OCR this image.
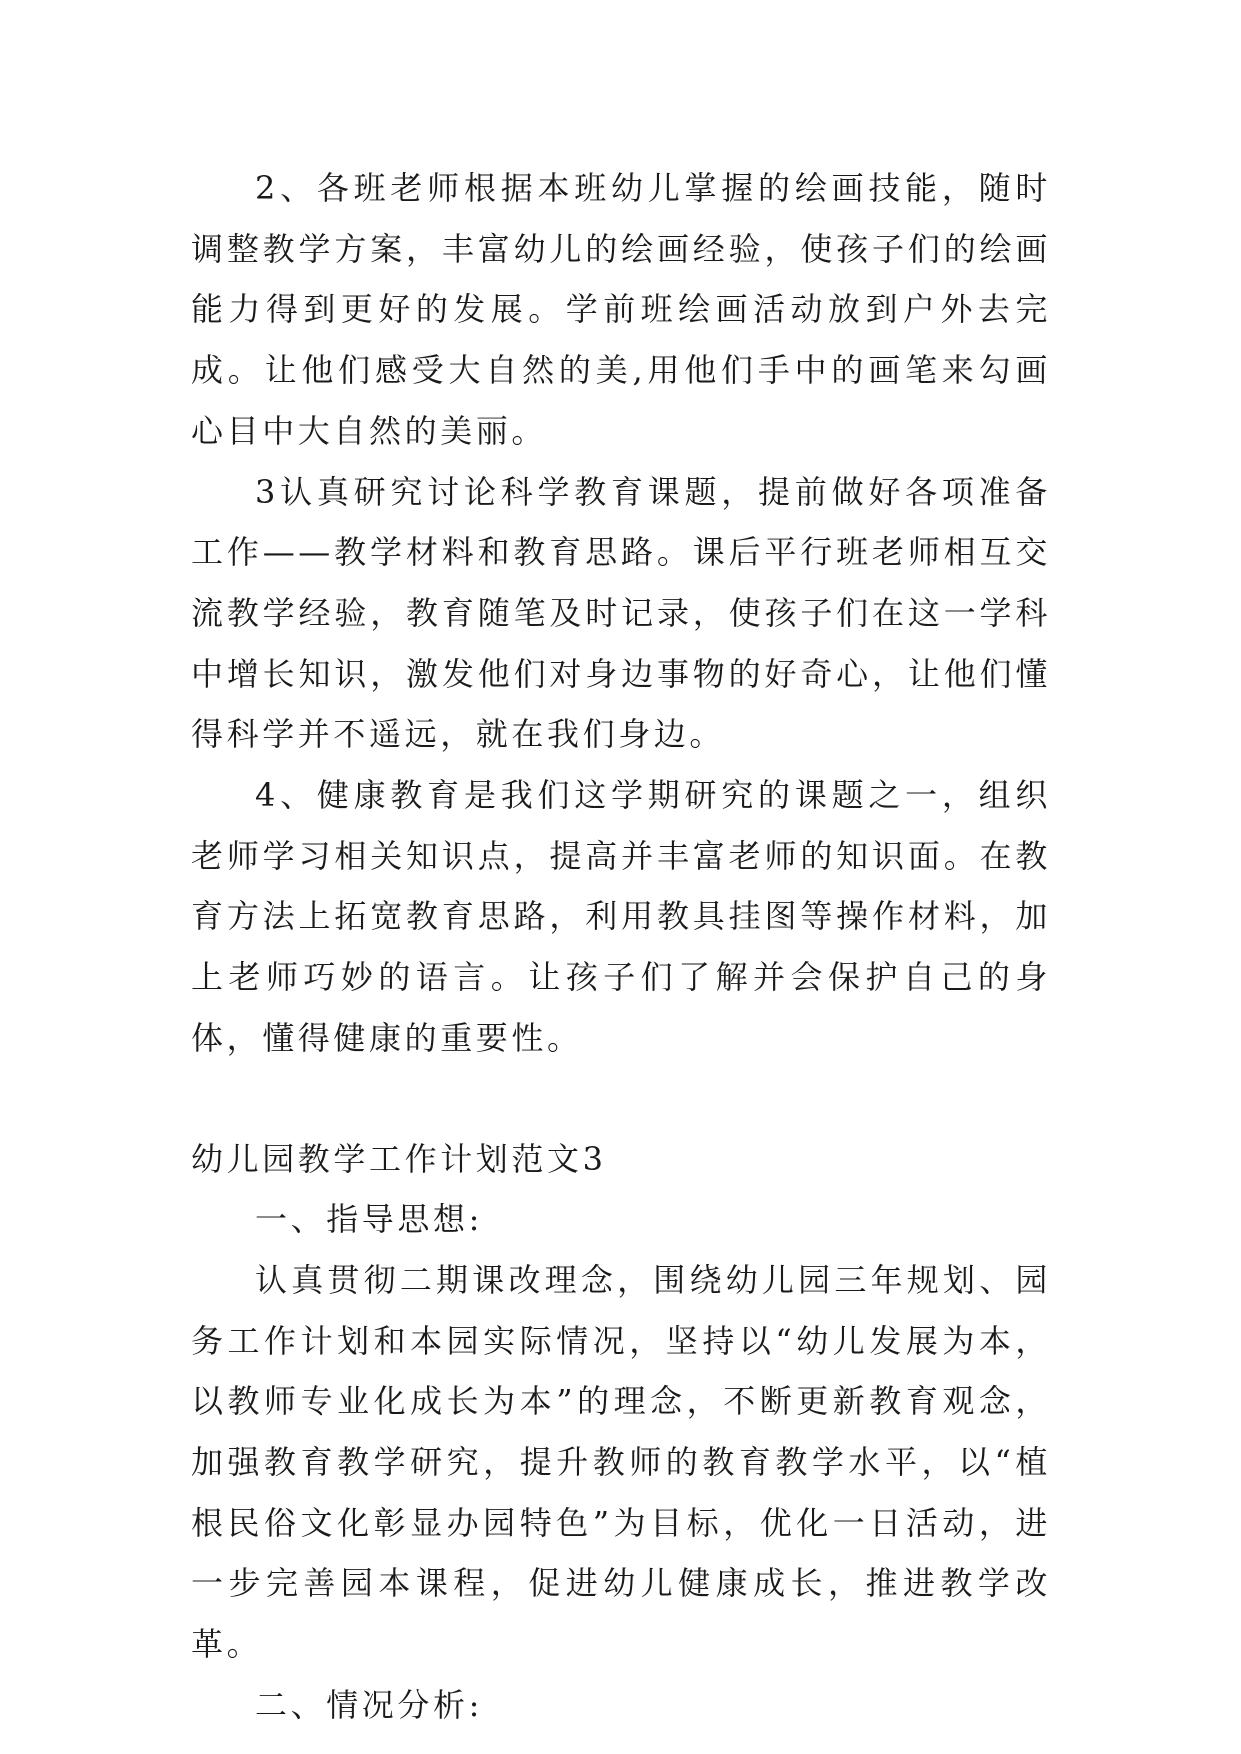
2、各班老师根据本班幼儿掌握的绘画技能，随时调整教学方案，丰富幼儿的绘画经验，使孩子们的绘画能力得到更好的发展。学前班绘画活动放到户外去完成。让他们感受大自然的美,用他们手中的画笔来勾画心目中大自然的美丽。

3认真研究讨论科学教育课题，提前做好各项准备工作——教学材料和教育思路。课后平行班老师相互交流教学经验，教育随笔及时记录，使孩子们在这一学科中增长知识，激发他们对身边事物的好奇心，让他们懂得科学并不遥远，就在我们身边。

4、健康教育是我们这学期研究的课题之一，组织老师学习相关知识点，提高并丰富老师的知识面。在教育方法上拓宽教育思路，利用教具挂图等操作材料，加上老师巧妙的语言。让孩子们了解并会保护自己的身体，懂得健康的重要性。

幼儿园教学工作计划范文3

一、指导思想:

认真贯彻二期课改理念，围绕幼儿园三年规划、园务工作计划和本园实际情况，坚持以“幼儿发展为本，以教师专业化成长为本”的理念，不断更新教育观念，加强教育教学研究，提升教师的教育教学水平，以“植根民俗文化彰显办园特色”为目标，优化一日活动，进一步完善园本课程，促进幼儿健康成长，推进教学改革。

二、情况分析:
